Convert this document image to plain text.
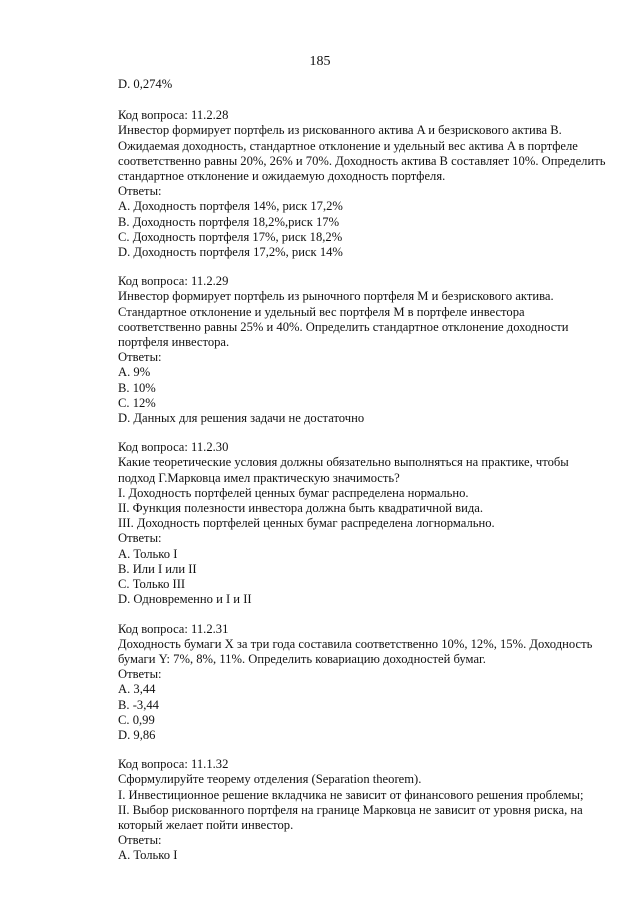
185
D. 0,274%
Код вопроса: 11.2.28
Инвестор формирует портфель из рискованного актива A и безрискового актива B.
Ожидаемая доходность, стандартное отклонение и удельный вес актива A в портфеле
соответственно равны 20%, 26% и 70%. Доходность актива B составляет 10%. Определить
стандартное отклонение и ожидаемую доходность портфеля.
Ответы:
A. Доходность портфеля 14%, риск 17,2%
B. Доходность портфеля 18,2%,риск 17%
C. Доходность портфеля 17%, риск 18,2%
D. Доходность портфеля 17,2%, риск 14%
Код вопроса: 11.2.29
Инвестор формирует портфель из рыночного портфеля M и безрискового актива.
Стандартное отклонение и удельный вес портфеля M в портфеле инвестора
соответственно равны 25% и 40%. Определить стандартное отклонение доходности
портфеля инвестора.
Ответы:
A. 9%
B. 10%
C. 12%
D. Данных для решения задачи не достаточно
Код вопроса: 11.2.30
Какие теоретические условия должны обязательно выполняться на практике, чтобы
подход Г.Марковца имел практическую значимость?
I. Доходность портфелей ценных бумаг распределена нормально.
II. Функция полезности инвестора должна быть квадратичной вида.
III. Доходность портфелей ценных бумаг распределена логнормально.
Ответы:
A. Только I
B. Или I или II
C. Только III
D. Одновременно и I и II
Код вопроса: 11.2.31
Доходность бумаги X за три года составила соответственно 10%, 12%, 15%. Доходность
бумаги Y: 7%, 8%, 11%. Определить ковариацию доходностей бумаг.
Ответы:
A. 3,44
B. -3,44
C. 0,99
D. 9,86
Код вопроса: 11.1.32
Сформулируйте теорему отделения (Separation theorem).
I. Инвестиционное решение вкладчика не зависит от финансового решения проблемы;
II. Выбор рискованного портфеля на границе Марковца не зависит от уровня риска, на
который желает пойти инвестор.
Ответы:
A. Только I
